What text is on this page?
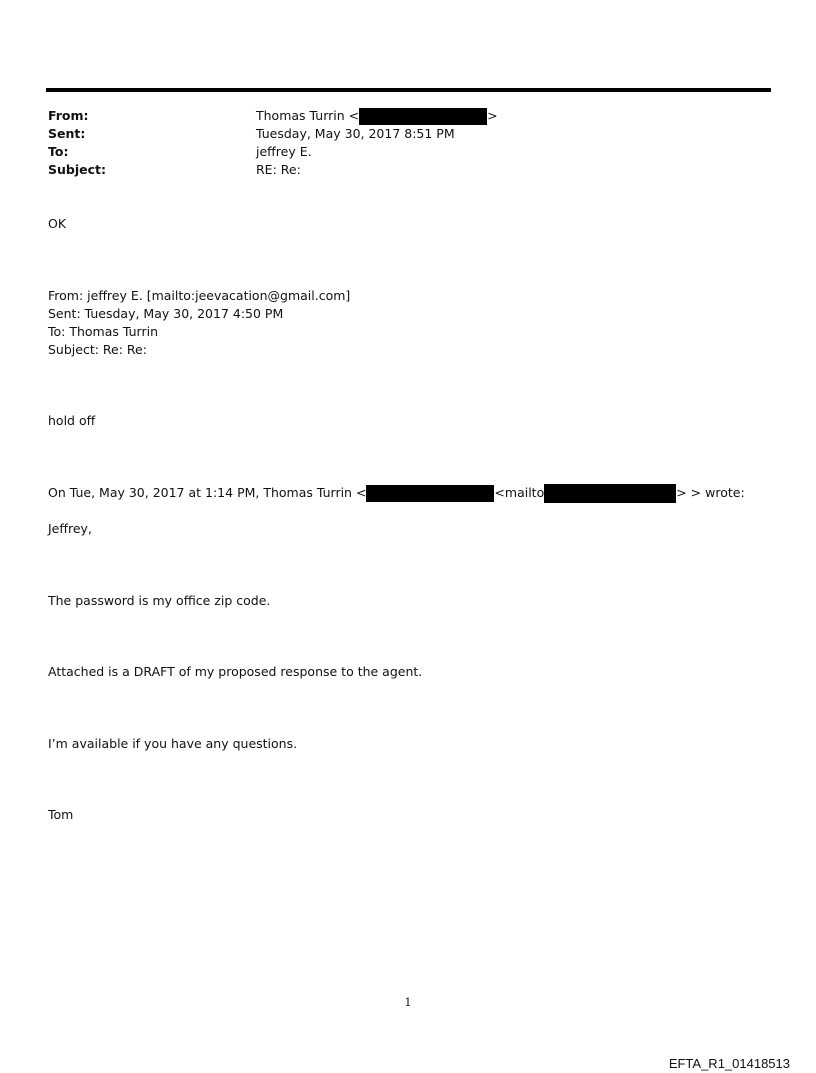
From:	Thomas Turrin <	>
Sent:	Tuesday, May 30, 2017 8:51 PM
To:	jeffrey E.
Subject:	RE: Re:
OK
From: jeffrey E. [mailto:jeevacation@gmail.com]
Sent: Tuesday, May 30, 2017 4:50 PM
To: Thomas Turrin
Subject: Re: Re:
hold off
On Tue, May 30, 2017 at 1:14 PM, Thomas Turrin <	<mailto	> > wrote:
Jeffrey,
The password is my office zip code.
Attached is a DRAFT of my proposed response to the agent.
I’m available if you have any questions.
Tom
1
EFTA_R1_01418513
